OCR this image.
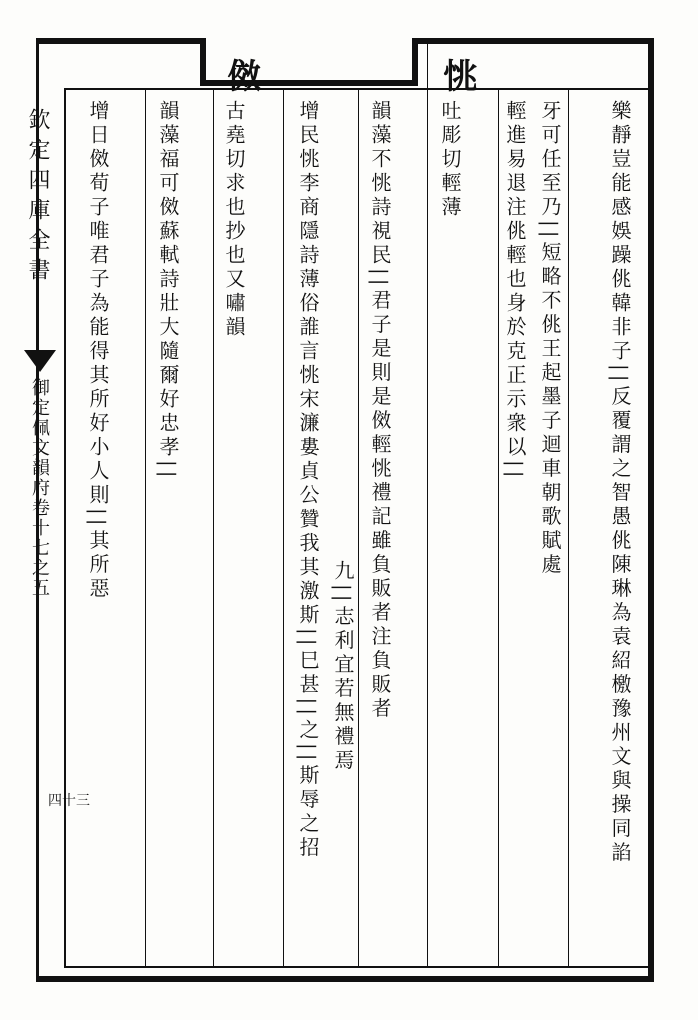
欽定四庫全書
御定佩文韻府卷十七之五
四十三	樂靜豈能感娛躁佻韓非子||反覆謂之智愚佻陳琳為袁紹檄豫州文與操同諂
牙可任至乃||短略不佻王起墨子迴車朝歌賦處
輕進易退注佻輕也身於克正示衆以||
恌
吐彫切輕薄
韻藻不恌詩視民||君子是則是傚輕恌禮記雖負販者注負販者
九||志利宜若無禮焉
增民恌李商隱詩薄俗誰言恌宋濂婁貞公贊我其激斯||巳甚||之||斯辱之招
傚
古堯切求也抄也又嘯韻
韻藻福可傚蘇軾詩壯大隨爾好忠孝||
增日傚荀子唯君子為能得其所好小人則||其所惡
